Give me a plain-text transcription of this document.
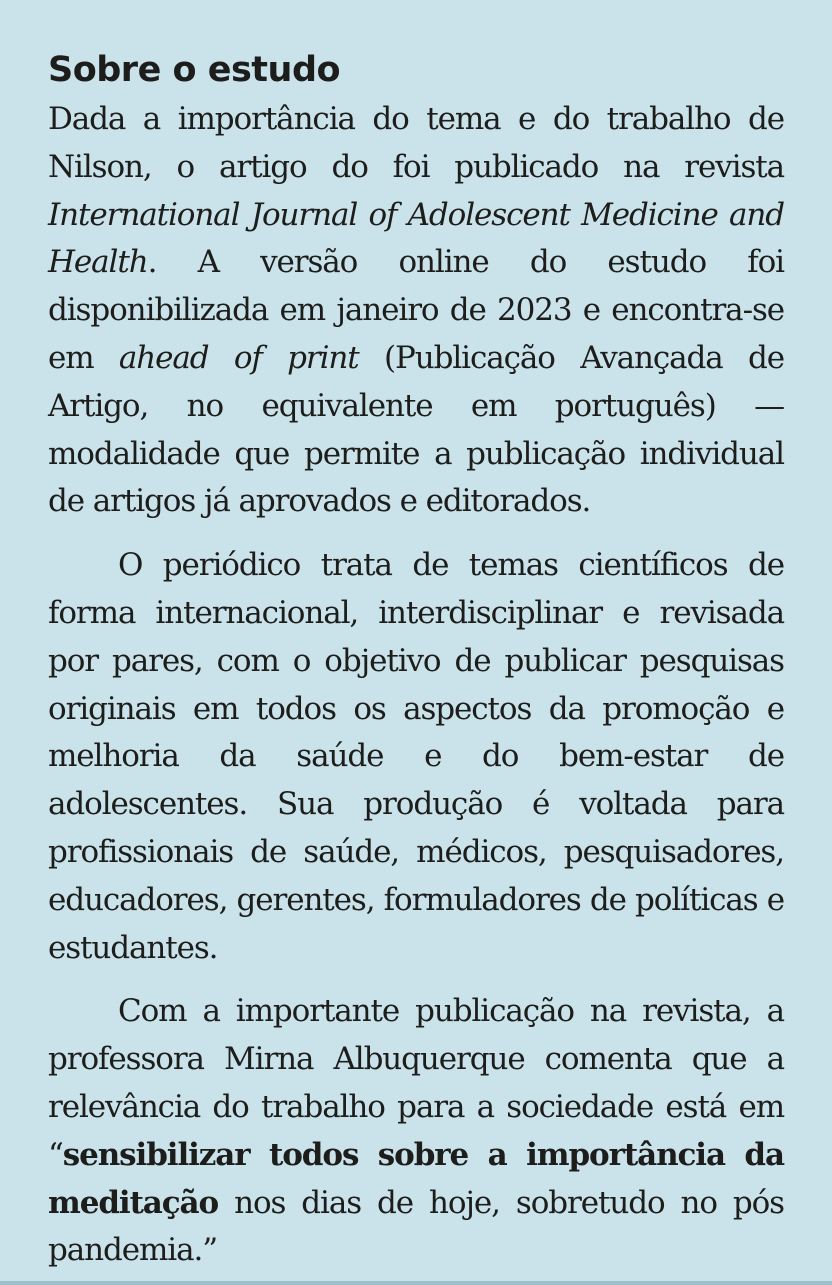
Sobre o estudo

Dada a importância do tema e do trabalho de Nilson, o artigo do foi publicado na revista International Journal of Adolescent Medicine and Health. A versão online do estudo foi disponibilizada em janeiro de 2023 e encontra-se em ahead of print (Publicação Avançada de Artigo, no equivalente em português) — modalidade que permite a publicação individual de artigos já aprovados e editorados.

O periódico trata de temas científicos de forma internacional, interdisciplinar e revisada por pares, com o objetivo de publicar pesquisas originais em todos os aspectos da promoção e melhoria da saúde e do bem-estar de adolescentes. Sua produção é voltada para profissionais de saúde, médicos, pesquisadores, educadores, gerentes, formuladores de políticas e estudantes.

Com a importante publicação na revista, a professora Mirna Albuquerque comenta que a relevância do trabalho para a sociedade está em “sensibilizar todos sobre a importância da meditação nos dias de hoje, sobretudo no pós pandemia.”
